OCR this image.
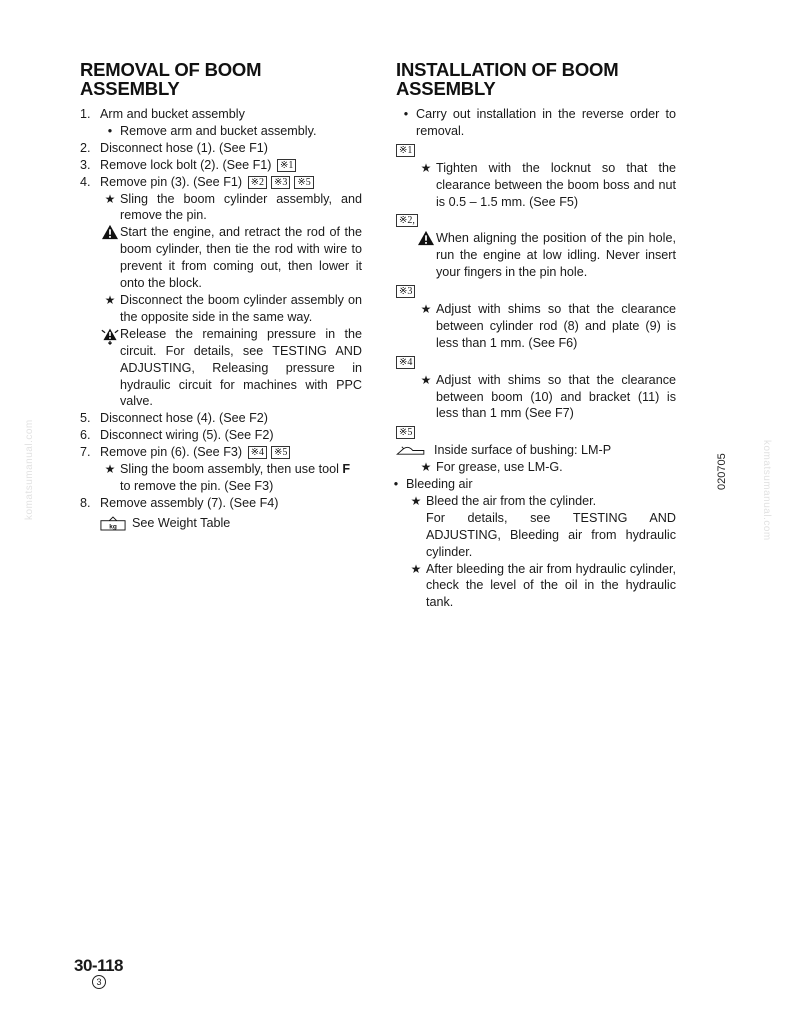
REMOVAL OF BOOM
ASSEMBLY
1. Arm and bucket assembly
• Remove arm and bucket assembly.
2. Disconnect hose (1). (See F1)
3. Remove lock bolt (2). (See F1) ※1
4. Remove pin (3). (See F1) ※2 ※3 ※5
★ Sling the boom cylinder assembly, and remove the pin.
Start the engine, and retract the rod of the boom cylinder, then tie the rod with wire to prevent it from coming out, then lower it onto the block.
★ Disconnect the boom cylinder assembly on the opposite side in the same way.
Release the remaining pressure in the circuit. For details, see TESTING AND ADJUSTING, Releasing pressure in hydraulic circuit for machines with PPC valve.
5. Disconnect hose (4). (See F2)
6. Disconnect wiring (5). (See F2)
7. Remove pin (6). (See F3) ※4 ※5
★ Sling the boom assembly, then use tool F to remove the pin. (See F3)
8. Remove assembly (7). (See F4)
kg See Weight Table
INSTALLATION OF BOOM
ASSEMBLY
• Carry out installation in the reverse order to removal.
※1
★ Tighten with the locknut so that the clearance between the boom boss and nut is 0.5 – 1.5 mm. (See F5)
※2,
When aligning the position of the pin hole, run the engine at low idling. Never insert your fingers in the pin hole.
※3
★ Adjust with shims so that the clearance between cylinder rod (8) and plate (9) is less than 1 mm. (See F6)
※4
★ Adjust with shims so that the clearance between boom (10) and bracket (11) is less than 1 mm (See F7)
※5
Inside surface of bushing: LM-P
★ For grease, use LM-G.
• Bleeding air
★ Bleed the air from the cylinder.
For details, see TESTING AND ADJUSTING, Bleeding air from hydraulic cylinder.
★ After bleeding the air from hydraulic cylinder, check the level of the oil in the hydraulic tank.
020705
komatsumanual.com	komatsumanual.com
30-118
3
